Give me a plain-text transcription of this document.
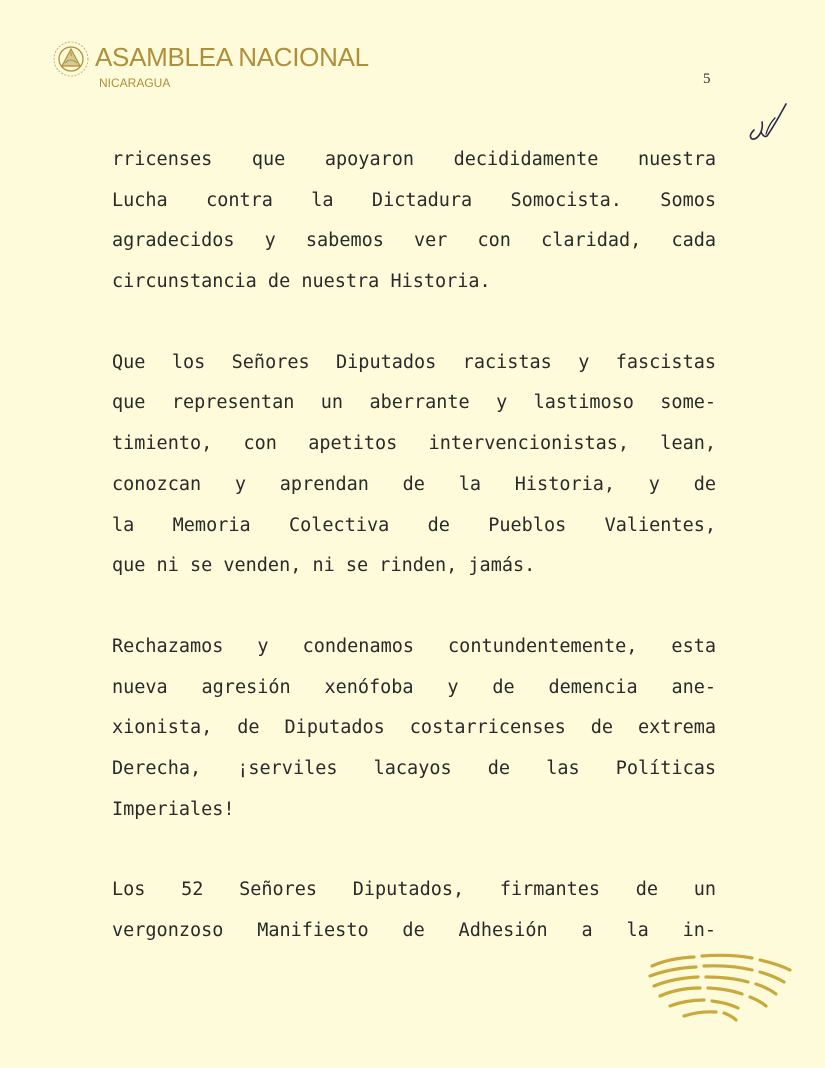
ASAMBLEA NACIONAL
NICARAGUA	5

rricenses que apoyaron decididamente nuestra
Lucha contra la Dictadura Somocista. Somos
agradecidos y sabemos ver con claridad, cada
circunstancia de nuestra Historia.

Que los Señores Diputados racistas y fascistas
que representan un aberrante y lastimoso some-
timiento, con apetitos intervencionistas, lean,
conozcan y aprendan de la Historia, y de
la Memoria Colectiva de Pueblos Valientes,
que ni se venden, ni se rinden, jamás.

Rechazamos y condenamos contundentemente, esta
nueva agresión xenófoba y de demencia ane-
xionista, de Diputados costarricenses de extrema
Derecha, ¡serviles lacayos de las Políticas
Imperiales!

Los 52 Señores Diputados, firmantes de un
vergonzoso Manifiesto de Adhesión a la in-
